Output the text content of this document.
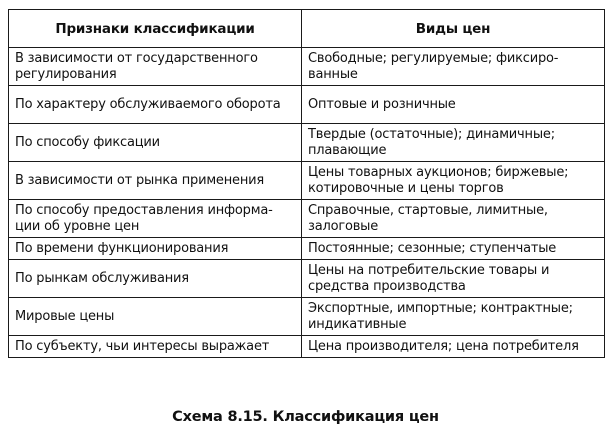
Признаки классификации	Виды цен
В зависимости от государственного регулирования	Свободные; регулируемые; фиксиро-ванные
По характеру обслуживаемого оборота	Оптовые и розничные
По способу фиксации	Твердые (остаточные); динамичные; плавающие
В зависимости от рынка применения	Цены товарных аукционов; биржевые; котировочные и цены торгов
По способу предоставления информа-ции об уровне цен	Справочные, стартовые, лимитные, залоговые
По времени функционирования	Постоянные; сезонные; ступенчатые
По рынкам обслуживания	Цены на потребительские товары и средства производства
Мировые цены	Экспортные, импортные; контрактные; индикативные
По субъекту, чьи интересы выражает	Цена производителя; цена потребителя
Схема 8.15. Классификация цен
